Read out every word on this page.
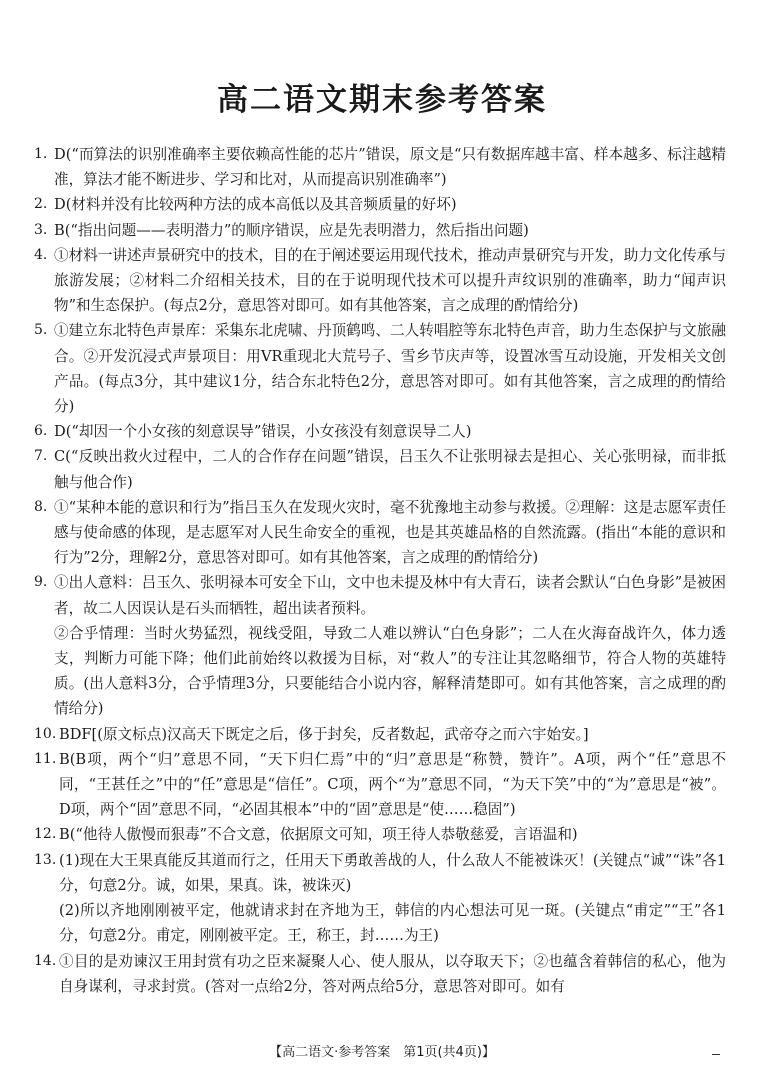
高二语文期末参考答案
1. D(“而算法的识别准确率主要依赖高性能的芯片”错误，原文是“只有数据库越丰富、样本越多、标注越精准，算法才能不断进步、学习和比对，从而提高识别准确率”)
2. D(材料并没有比较两种方法的成本高低以及其音频质量的好坏)
3. B(“指出问题——表明潜力”的顺序错误，应是先表明潜力，然后指出问题)
4. ①材料一讲述声景研究中的技术，目的在于阐述要运用现代技术，推动声景研究与开发，助力文化传承与旅游发展；②材料二介绍相关技术，目的在于说明现代技术可以提升声纹识别的准确率，助力“闻声识物”和生态保护。(每点2分，意思答对即可。如有其他答案，言之成理的酌情给分)
5. ①建立东北特色声景库：采集东北虎啸、丹顶鹤鸣、二人转唱腔等东北特色声音，助力生态保护与文旅融合。②开发沉浸式声景项目：用VR重现北大荒号子、雪乡节庆声等，设置冰雪互动设施，开发相关文创产品。(每点3分，其中建议1分，结合东北特色2分，意思答对即可。如有其他答案，言之成理的酌情给分)
6. D(“却因一个小女孩的刻意误导”错误，小女孩没有刻意误导二人)
7. C(“反映出救火过程中，二人的合作存在问题”错误，吕玉久不让张明禄去是担心、关心张明禄，而非抵触与他合作)
8. ①“某种本能的意识和行为”指吕玉久在发现火灾时，毫不犹豫地主动参与救援。②理解：这是志愿军责任感与使命感的体现，是志愿军对人民生命安全的重视，也是其英雄品格的自然流露。(指出“本能的意识和行为”2分，理解2分，意思答对即可。如有其他答案，言之成理的酌情给分)
9. ①出人意料：吕玉久、张明禄本可安全下山，文中也未提及林中有大青石，读者会默认“白色身影”是被困者，故二人因误认是石头而牺牲，超出读者预料。
②合乎情理：当时火势猛烈，视线受阻，导致二人难以辨认“白色身影”；二人在火海奋战许久，体力透支，判断力可能下降；他们此前始终以救援为目标，对“救人”的专注让其忽略细节，符合人物的英雄特质。(出人意料3分，合乎情理3分，只要能结合小说内容，解释清楚即可。如有其他答案，言之成理的酌情给分)
10. BDF[(原文标点)汉高天下既定之后，侈于封矣，反者数起，武帝夺之而六宇始安。]
11. B(B项，两个“归”意思不同，“天下归仁焉”中的“归”意思是“称赞，赞许”。A项，两个“任”意思不同，“王甚任之”中的“任”意思是“信任”。C项，两个“为”意思不同，“为天下笑”中的“为”意思是“被”。D项，两个“固”意思不同，“必固其根本”中的“固”意思是“使……稳固”)
12. B(“他待人傲慢而狠毒”不合文意，依据原文可知，项王待人恭敬慈爱，言语温和)
13. (1)现在大王果真能反其道而行之，任用天下勇敢善战的人，什么敌人不能被诛灭！(关键点“诚”“诛”各1分，句意2分。诚，如果，果真。诛，被诛灭)
(2)所以齐地刚刚被平定，他就请求封在齐地为王，韩信的内心想法可见一斑。(关键点“甫定”“王”各1分，句意2分。甫定，刚刚被平定。王，称王，封……为王)
14. ①目的是劝谏汉王用封赏有功之臣来凝聚人心、使人服从，以夺取天下；②也蕴含着韩信的私心，他为自身谋利，寻求封赏。(答对一点给2分，答对两点给5分，意思答对即可。如有
【高二语文·参考答案　第1页(共4页)】
